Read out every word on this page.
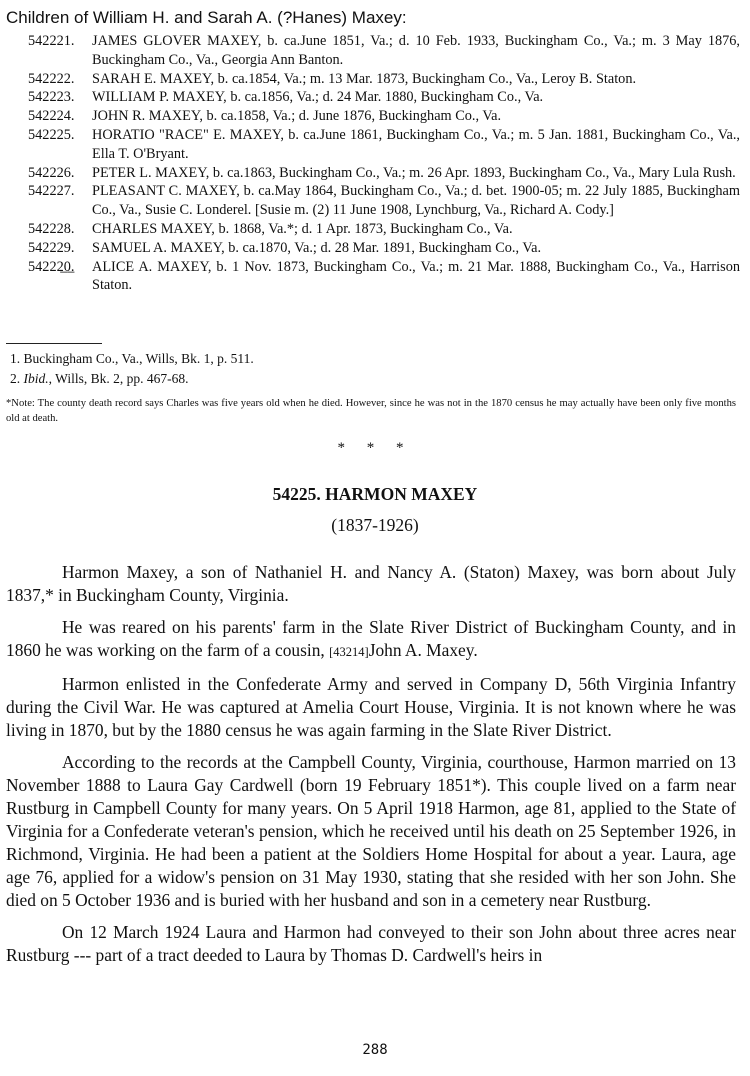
Children of William H. and Sarah A. (?Hanes) Maxey:
542221.	JAMES GLOVER MAXEY, b. ca.June 1851, Va.; d. 10 Feb. 1933, Buckingham Co., Va.; m. 3 May 1876, Buckingham Co., Va., Georgia Ann Banton.
542222.	SARAH E. MAXEY, b. ca.1854, Va.; m. 13 Mar. 1873, Buckingham Co., Va., Leroy B. Staton.
542223.	WILLIAM P. MAXEY, b. ca.1856, Va.; d. 24 Mar. 1880, Buckingham Co., Va.
542224.	JOHN R. MAXEY, b. ca.1858, Va.; d. June 1876, Buckingham Co., Va.
542225.	HORATIO "RACE" E. MAXEY, b. ca.June 1861, Buckingham Co., Va.; m. 5 Jan. 1881, Buckingham Co., Va., Ella T. O'Bryant.
542226.	PETER L. MAXEY, b. ca.1863, Buckingham Co., Va.; m. 26 Apr. 1893, Buckingham Co., Va., Mary Lula Rush.
542227.	PLEASANT C. MAXEY, b. ca.May 1864, Buckingham Co., Va.; d. bet. 1900-05; m. 22 July 1885, Buckingham Co., Va., Susie C. Londerel. [Susie m. (2) 11 June 1908, Lynchburg, Va., Richard A. Cody.]
542228.	CHARLES MAXEY, b. 1868, Va.*; d. 1 Apr. 1873, Buckingham Co., Va.
542229.	SAMUEL A. MAXEY, b. ca.1870, Va.; d. 28 Mar. 1891, Buckingham Co., Va.
54222̲0̲.	ALICE A. MAXEY, b. 1 Nov. 1873, Buckingham Co., Va.; m. 21 Mar. 1888, Buckingham Co., Va., Harrison Staton.
1. Buckingham Co., Va., Wills, Bk. 1, p. 511.
2. Ibid., Wills, Bk. 2, pp. 467-68.
*Note: The county death record says Charles was five years old when he died. However, since he was not in the 1870 census he may actually have been only five months old at death.
* * *
54225. HARMON MAXEY
(1837-1926)

Harmon Maxey, a son of Nathaniel H. and Nancy A. (Staton) Maxey, was born about July 1837,* in Buckingham County, Virginia.

He was reared on his parents' farm in the Slate River District of Buckingham County, and in 1860 he was working on the farm of a cousin, [43214]John A. Maxey.

Harmon enlisted in the Confederate Army and served in Company D, 56th Virginia Infantry during the Civil War. He was captured at Amelia Court House, Virginia. It is not known where he was living in 1870, but by the 1880 census he was again farming in the Slate River District.

According to the records at the Campbell County, Virginia, courthouse, Harmon married on 13 November 1888 to Laura Gay Cardwell (born 19 February 1851*). This couple lived on a farm near Rustburg in Campbell County for many years. On 5 April 1918 Harmon, age 81, applied to the State of Virginia for a Confederate veteran's pension, which he received until his death on 25 September 1926, in Richmond, Virginia. He had been a patient at the Soldiers Home Hospital for about a year. Laura, age age 76, applied for a widow's pension on 31 May 1930, stating that she resided with her son John. She died on 5 October 1936 and is buried with her husband and son in a cemetery near Rustburg.

On 12 March 1924 Laura and Harmon had conveyed to their son John about three acres near Rustburg --- part of a tract deeded to Laura by Thomas D. Cardwell's heirs in

288
